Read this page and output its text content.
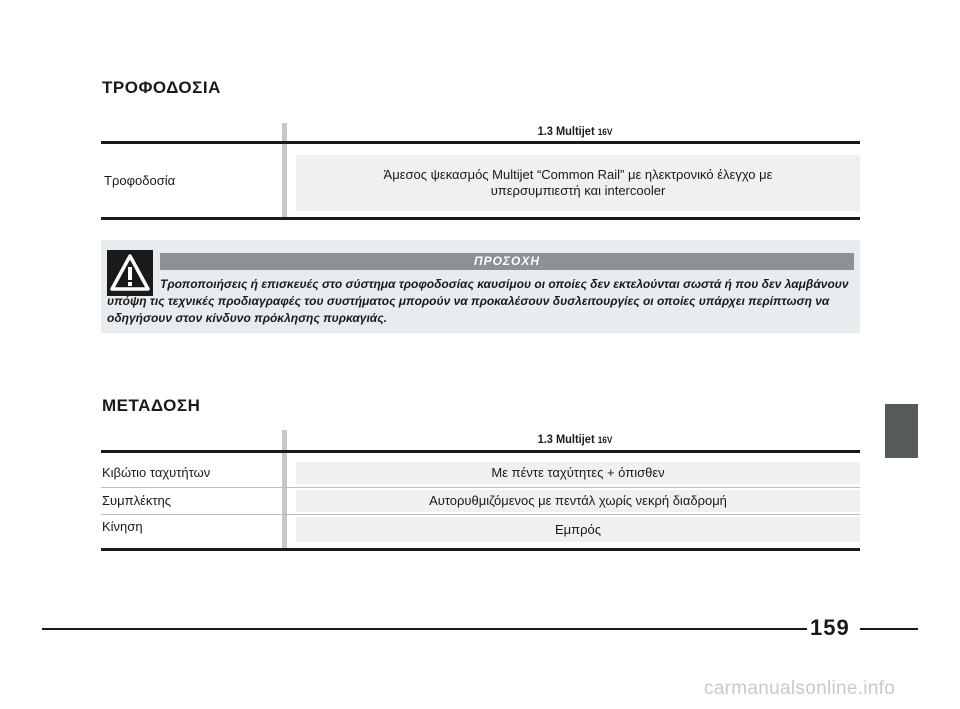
ΤΡΟΦΟΔΟΣΙΑ
1.3 Multijet 16V
Τροφοδοσία	Άμεσος ψεκασμός Multijet “Common Rail” με ηλεκτρονικό έλεγχο με υπερσυμπιεστή και intercooler
ΠΡΟΣΟΧΗ
Τροποποιήσεις ή επισκευές στο σύστημα τροφοδοσίας καυσίμου οι οποίες δεν εκτελούνται σωστά ή που δεν λαμβάνουν υπόψη τις τεχνικές προδιαγραφές του συστήματος μπορούν να προκαλέσουν δυσλειτουργίες οι οποίες υπάρχει περίπτωση να οδηγήσουν στον κίνδυνο πρόκλησης πυρκαγιάς.
ΜΕΤΑΔΟΣΗ
1.3 Multijet 16V
Κιβώτιο ταχυτήτων	Με πέντε ταχύτητες + όπισθεν
Συμπλέκτης	Αυτορυθμιζόμενος με πεντάλ χωρίς νεκρή διαδρομή
Κίνηση	Εμπρός
159
carmanualsonline.info
